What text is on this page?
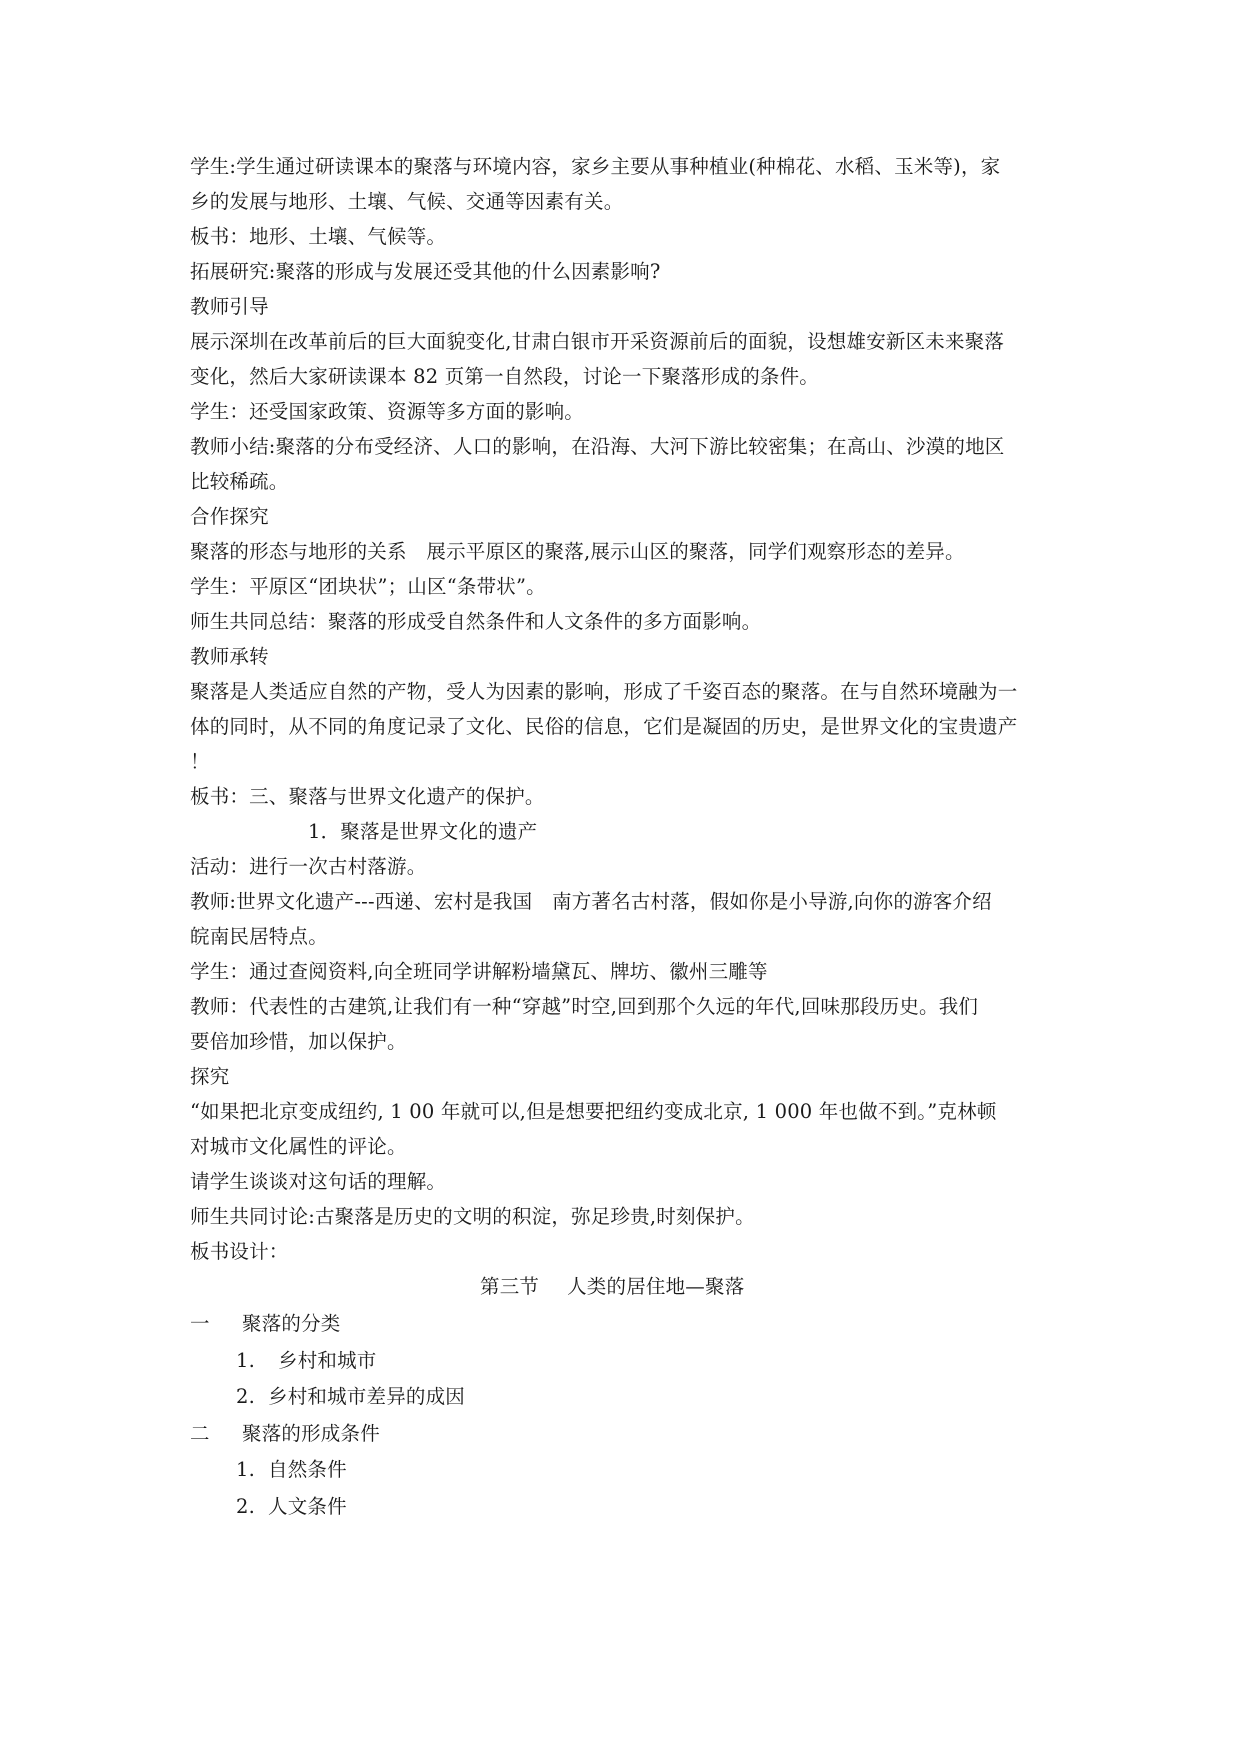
学生:学生通过研读课本的聚落与环境内容，家乡主要从事种植业(种棉花、水稻、玉米等)，家
乡的发展与地形、土壤、气候、交通等因素有关。
板书：地形、土壤、气候等。
拓展研究:聚落的形成与发展还受其他的什么因素影响?
教师引导
展示深圳在改革前后的巨大面貌变化,甘肃白银市开采资源前后的面貌，设想雄安新区未来聚落
变化，然后大家研读课本 82 页第一自然段，讨论一下聚落形成的条件。
学生：还受国家政策、资源等多方面的影响。
教师小结:聚落的分布受经济、人口的影响，在沿海、大河下游比较密集；在高山、沙漠的地区
比较稀疏。
合作探究
聚落的形态与地形的关系　展示平原区的聚落,展示山区的聚落，同学们观察形态的差异。
学生：平原区“团块状”；山区“条带状”。
师生共同总结：聚落的形成受自然条件和人文条件的多方面影响。
教师承转
聚落是人类适应自然的产物，受人为因素的影响，形成了千姿百态的聚落。在与自然环境融为一
体的同时，从不同的角度记录了文化、民俗的信息，它们是凝固的历史，是世界文化的宝贵遗产
！
板书：三、聚落与世界文化遗产的保护。
1．聚落是世界文化的遗产
活动：进行一次古村落游。
教师:世界文化遗产---西递、宏村是我国　南方著名古村落，假如你是小导游,向你的游客介绍
皖南民居特点。
学生：通过查阅资料,向全班同学讲解粉墙黛瓦、牌坊、徽州三雕等
教师：代表性的古建筑,让我们有一种“穿越”时空,回到那个久远的年代,回味那段历史。我们
要倍加珍惜，加以保护。
探究
“如果把北京变成纽约, 1 00 年就可以,但是想要把纽约变成北京, 1 000 年也做不到。”克林顿
对城市文化属性的评论。
请学生谈谈对这句话的理解。
师生共同讨论:古聚落是历史的文明的积淀，弥足珍贵,时刻保护。
板书设计：
第三节 人类的居住地—聚落
一 聚落的分类
1. 乡村和城市
2. 乡村和城市差异的成因
二 聚落的形成条件
1. 自然条件
2. 人文条件
